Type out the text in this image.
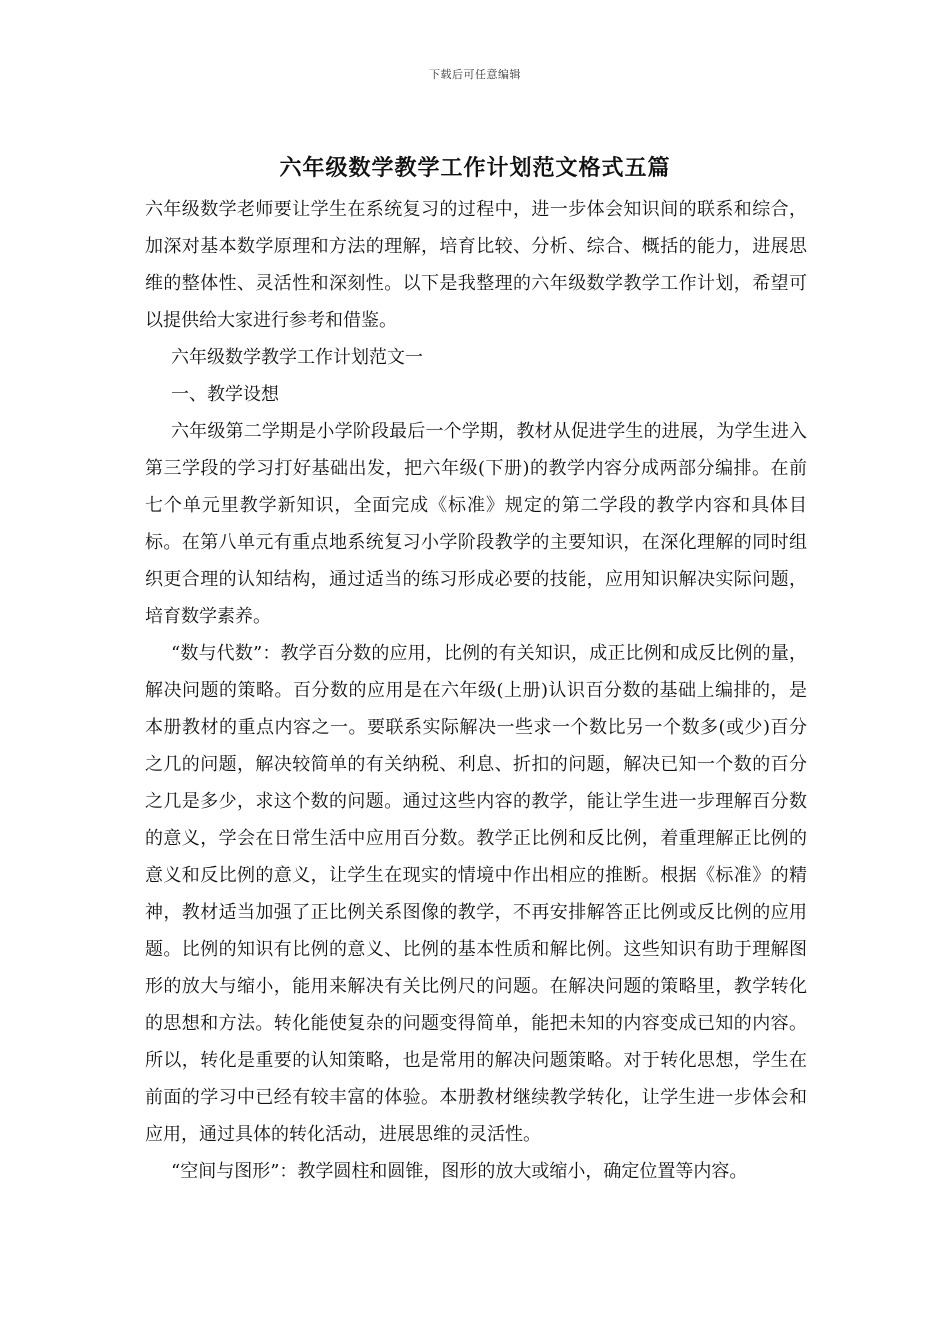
下载后可任意编辑
六年级数学教学工作计划范文格式五篇

六年级数学老师要让学生在系统复习的过程中，进一步体会知识间的联系和综合，加深对基本数学原理和方法的理解，培育比较、分析、综合、概括的能力，进展思维的整体性、灵活性和深刻性。以下是我整理的六年级数学教学工作计划，希望可以提供给大家进行参考和借鉴。

六年级数学教学工作计划范文一

一、教学设想

六年级第二学期是小学阶段最后一个学期，教材从促进学生的进展，为学生进入第三学段的学习打好基础出发，把六年级(下册)的教学内容分成两部分编排。在前七个单元里教学新知识，全面完成《标准》规定的第二学段的教学内容和具体目标。在第八单元有重点地系统复习小学阶段教学的主要知识，在深化理解的同时组织更合理的认知结构，通过适当的练习形成必要的技能，应用知识解决实际问题，培育数学素养。

“数与代数”：教学百分数的应用，比例的有关知识，成正比例和成反比例的量，解决问题的策略。百分数的应用是在六年级(上册)认识百分数的基础上编排的，是本册教材的重点内容之一。要联系实际解决一些求一个数比另一个数多(或少)百分之几的问题，解决较简单的有关纳税、利息、折扣的问题，解决已知一个数的百分之几是多少，求这个数的问题。通过这些内容的教学，能让学生进一步理解百分数的意义，学会在日常生活中应用百分数。教学正比例和反比例，着重理解正比例的意义和反比例的意义，让学生在现实的情境中作出相应的推断。根据《标准》的精神，教材适当加强了正比例关系图像的教学，不再安排解答正比例或反比例的应用题。比例的知识有比例的意义、比例的基本性质和解比例。这些知识有助于理解图形的放大与缩小，能用来解决有关比例尺的问题。在解决问题的策略里，教学转化的思想和方法。转化能使复杂的问题变得简单，能把未知的内容变成已知的内容。所以，转化是重要的认知策略，也是常用的解决问题策略。对于转化思想，学生在前面的学习中已经有较丰富的体验。本册教材继续教学转化，让学生进一步体会和应用，通过具体的转化活动，进展思维的灵活性。

“空间与图形”：教学圆柱和圆锥，图形的放大或缩小，确定位置等内容。
